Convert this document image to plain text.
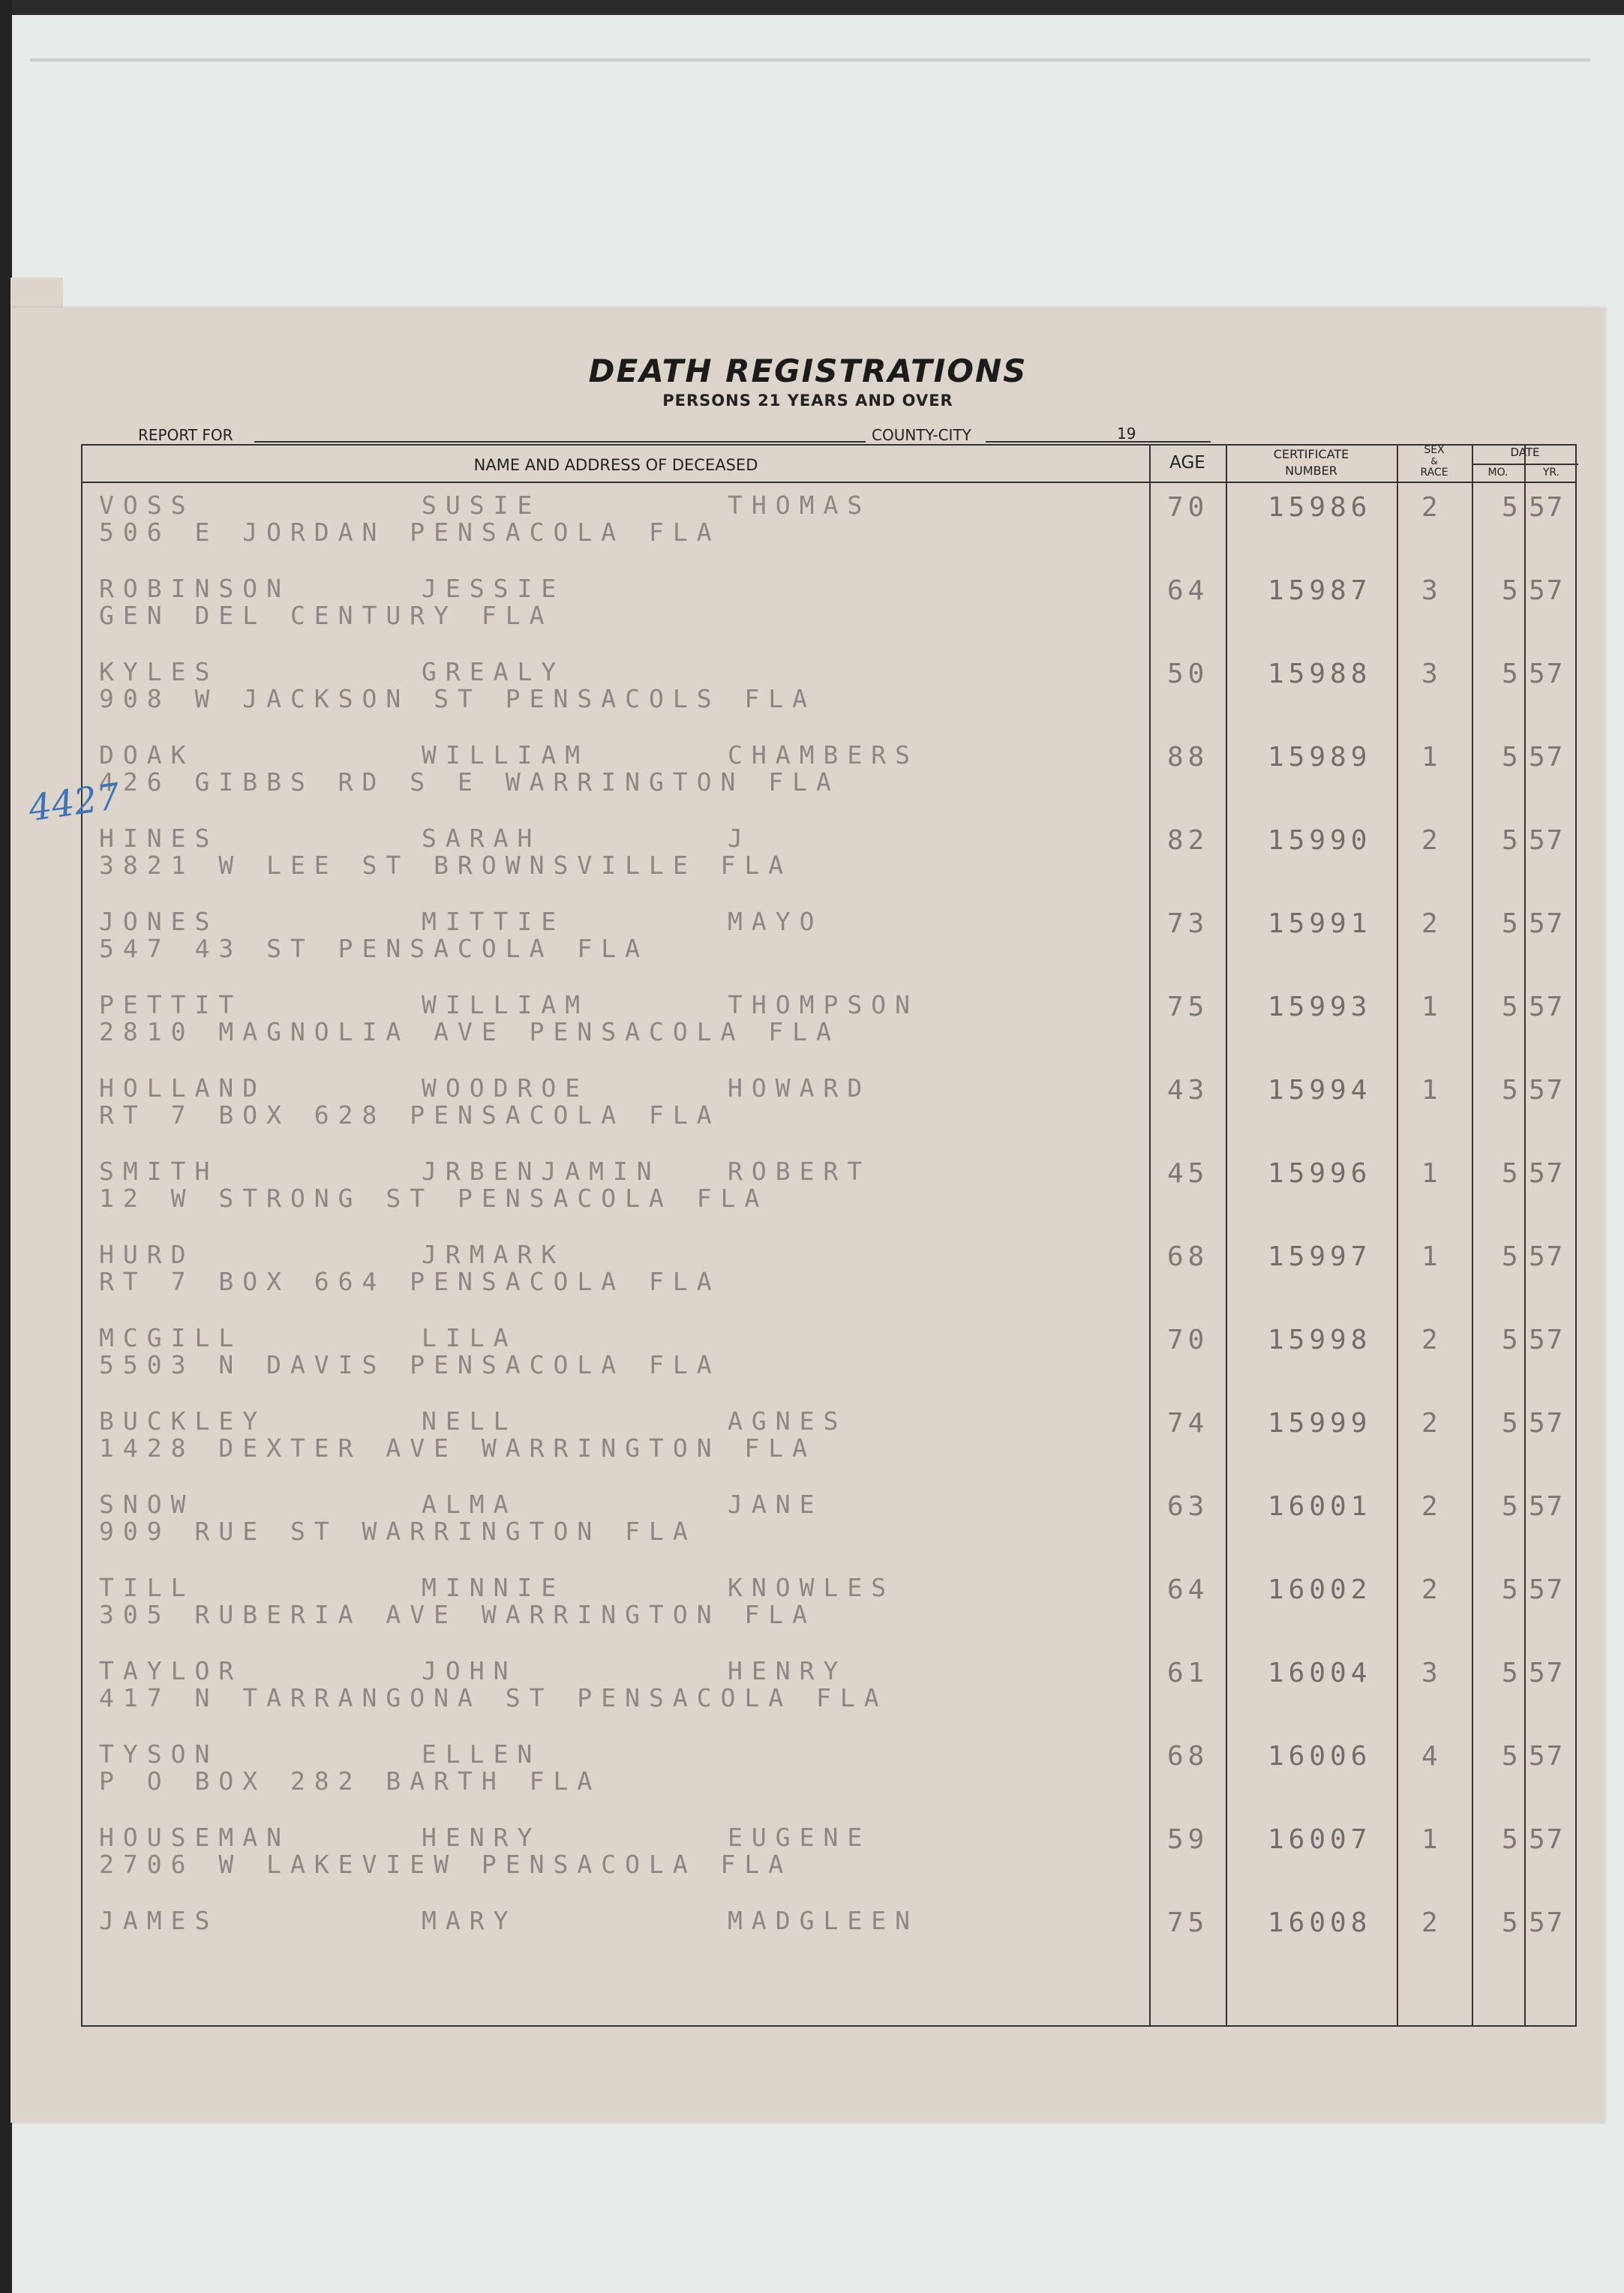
DEATH REGISTRATIONS
PERSONS 21 YEARS AND OVER
REPORT FOR	COUNTY-CITY	19
NAME AND ADDRESS OF DECEASED	AGE	CERTIFICATE
NUMBER
SEX
&
RACE
DATE
MO.	YR.
VOSS	SUSIE	THOMAS
506 E JORDAN PENSACOLA FLA
70 15986 2 5 57
ROBINSON	JESSIE
GEN DEL CENTURY FLA
64 15987 3 5 57
KYLES	GREALY
908 W JACKSON ST PENSACOLS FLA
50 15988 3 5 57
DOAK	WILLIAM	CHAMBERS
426 GIBBS RD S E WARRINGTON FLA
88 15989 1 5 57
HINES	SARAH	J
3821 W LEE ST BROWNSVILLE FLA
82 15990 2 5 57
JONES	MITTIE	MAYO
547 43 ST PENSACOLA FLA
73 15991 2 5 57
PETTIT	WILLIAM	THOMPSON
2810 MAGNOLIA AVE PENSACOLA FLA
75 15993 1 5 57
HOLLAND	WOODROE	HOWARD
RT 7 BOX 628 PENSACOLA FLA
43 15994 1 5 57
SMITH	JRBENJAMIN	ROBERT
12 W STRONG ST PENSACOLA FLA
45 15996 1 5 57
HURD	JRMARK
RT 7 BOX 664 PENSACOLA FLA
68 15997 1 5 57
MCGILL	LILA
5503 N DAVIS PENSACOLA FLA
70 15998 2 5 57
BUCKLEY	NELL	AGNES
1428 DEXTER AVE WARRINGTON FLA
74 15999 2 5 57
SNOW	ALMA	JANE
909 RUE ST WARRINGTON FLA
63 16001 2 5 57
TILL	MINNIE	KNOWLES
305 RUBERIA AVE WARRINGTON FLA
64 16002 2 5 57
TAYLOR	JOHN	HENRY
417 N TARRANGONA ST PENSACOLA FLA
61 16004 3 5 57
TYSON	ELLEN
P O BOX 282 BARTH FLA
68 16006 4 5 57
HOUSEMAN	HENRY	EUGENE
2706 W LAKEVIEW PENSACOLA FLA
59 16007 1 5 57
JAMES	MARY	MADGLEEN	75 16008 2 5 57
4427
